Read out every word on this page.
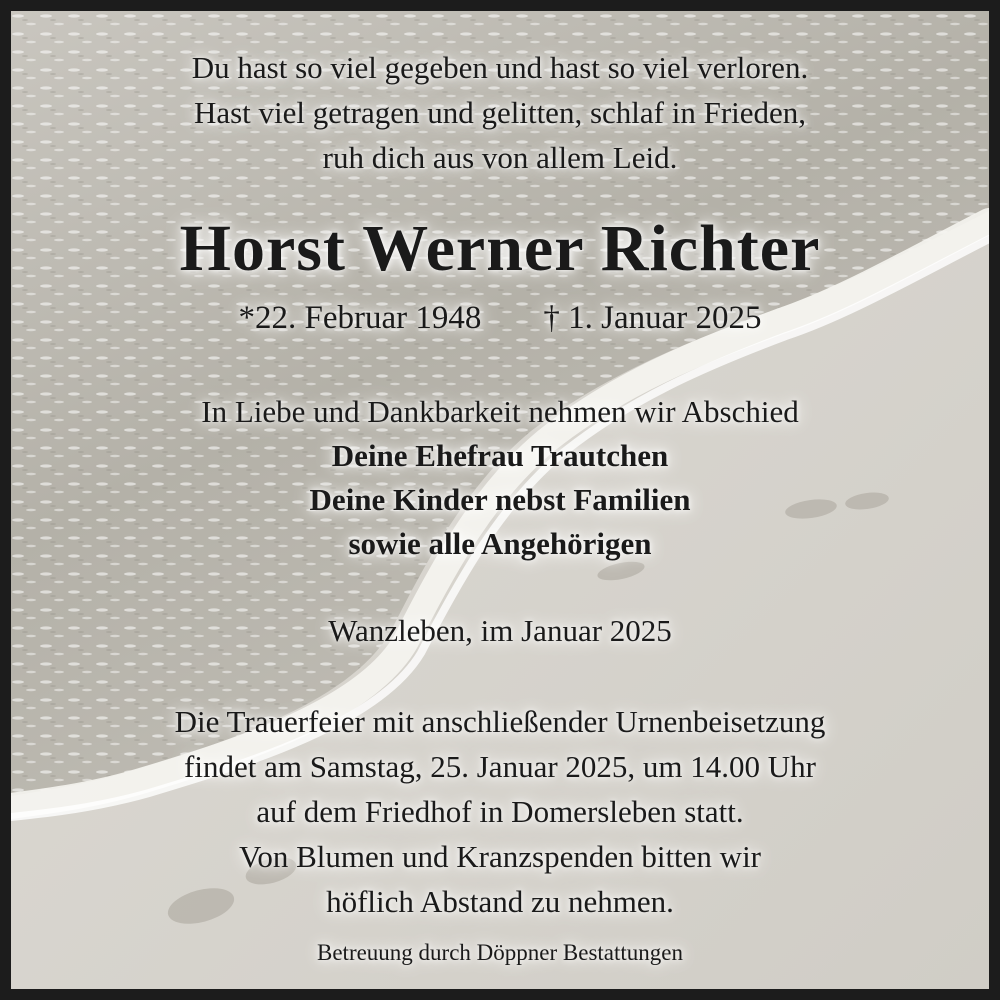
Du hast so viel gegeben und hast so viel verloren.
Hast viel getragen und gelitten, schlaf in Frieden,
ruh dich aus von allem Leid.
Horst Werner Richter
*22. Februar 1948 † 1. Januar 2025
In Liebe und Dankbarkeit nehmen wir Abschied
Deine Ehefrau Trautchen
Deine Kinder nebst Familien
sowie alle Angehörigen
Wanzleben, im Januar 2025
Die Trauerfeier mit anschließender Urnenbeisetzung
findet am Samstag, 25. Januar 2025, um 14.00 Uhr
auf dem Friedhof in Domersleben statt.
Von Blumen und Kranzspenden bitten wir
höflich Abstand zu nehmen.
Betreuung durch Döppner Bestattungen
